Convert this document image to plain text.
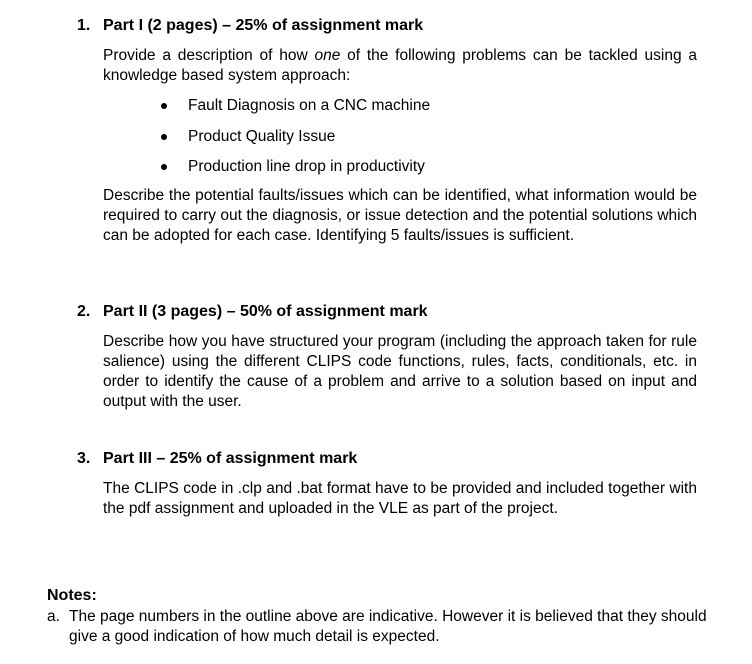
1. Part I (2 pages) – 25% of assignment mark
Provide a description of how one of the following problems can be tackled using a knowledge based system approach:
Fault Diagnosis on a CNC machine
Product Quality Issue
Production line drop in productivity
Describe the potential faults/issues which can be identified, what information would be required to carry out the diagnosis, or issue detection and the potential solutions which can be adopted for each case. Identifying 5 faults/issues is sufficient.
2. Part II (3 pages) – 50% of assignment mark
Describe how you have structured your program (including the approach taken for rule salience) using the different CLIPS code functions, rules, facts, conditionals, etc. in order to identify the cause of a problem and arrive to a solution based on input and output with the user.
3. Part III – 25% of assignment mark
The CLIPS code in .clp and .bat format have to be provided and included together with the pdf assignment and uploaded in the VLE as part of the project.
Notes:
a. The page numbers in the outline above are indicative. However it is believed that they should give a good indication of how much detail is expected.
